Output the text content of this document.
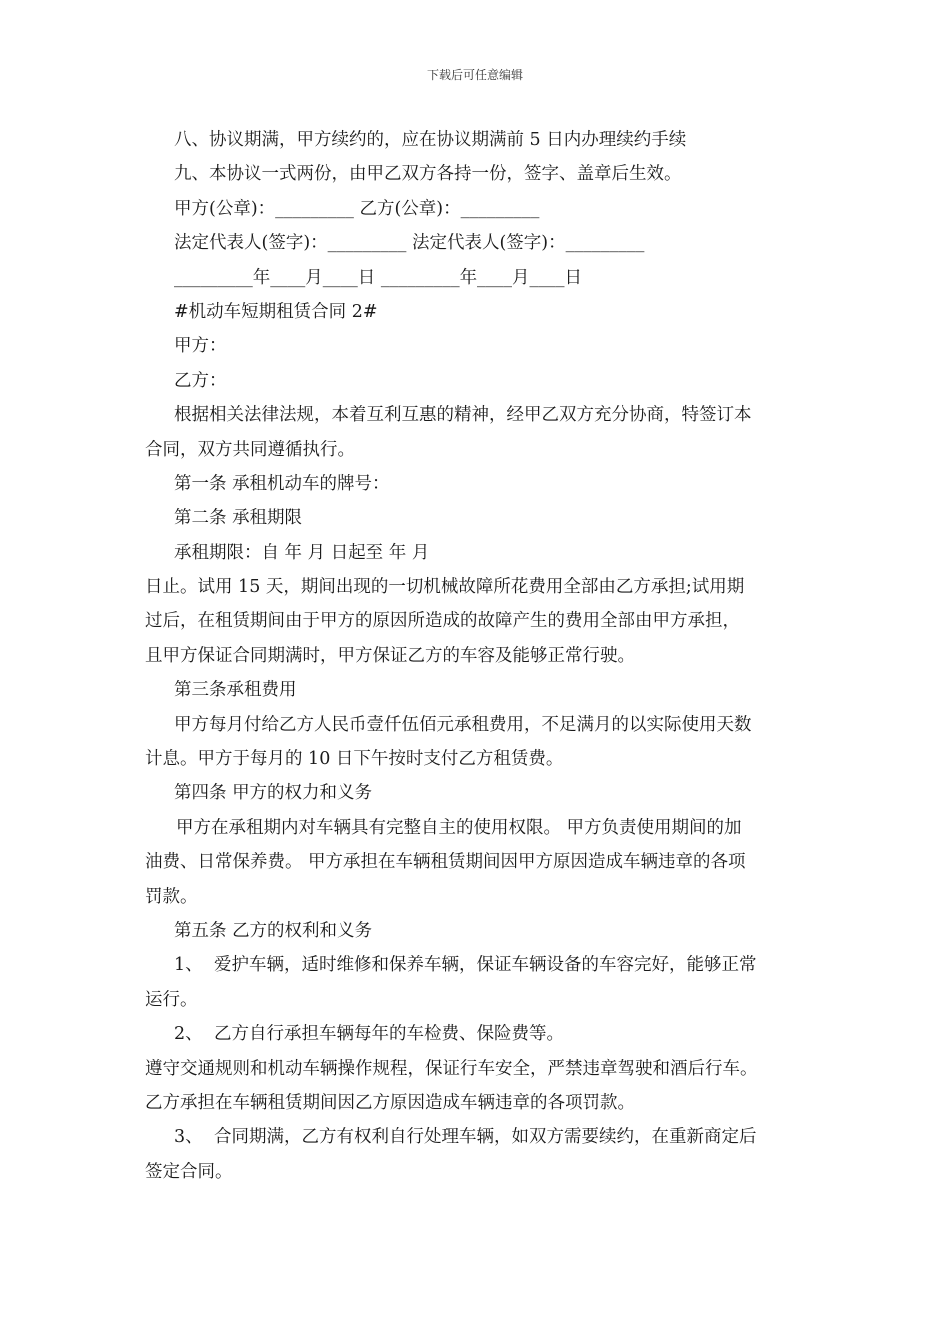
下载后可任意编辑
八、协议期满，甲方续约的，应在协议期满前 5 日内办理续约手续
九、本协议一式两份，由甲乙双方各持一份，签字、盖章后生效。
甲方(公章)：_________ 乙方(公章)：_________
法定代表人(签字)：_________ 法定代表人(签字)：_________
_________年____月____日 _________年____月____日
#机动车短期租赁合同 2#
甲方：
乙方：
根据相关法律法规，本着互利互惠的精神，经甲乙双方充分协商，特签订本
合同，双方共同遵循执行。
第一条 承租机动车的牌号：
第二条 承租期限
承租期限：自 年 月 日起至 年 月
日止。试用 15 天，期间出现的一切机械故障所花费用全部由乙方承担;试用期
过后，在租赁期间由于甲方的原因所造成的故障产生的费用全部由甲方承担，
且甲方保证合同期满时，甲方保证乙方的车容及能够正常行驶。
第三条承租费用
甲方每月付给乙方人民币壹仟伍佰元承租费用，不足满月的以实际使用天数
计息。甲方于每月的 10 日下午按时支付乙方租赁费。
第四条 甲方的权力和义务
甲方在承租期内对车辆具有完整自主的使用权限。 甲方负责使用期间的加
油费、日常保养费。 甲方承担在车辆租赁期间因甲方原因造成车辆违章的各项
罚款。
第五条 乙方的权利和义务
1、 爱护车辆，适时维修和保养车辆，保证车辆设备的车容完好，能够正常
运行。
2、 乙方自行承担车辆每年的车检费、保险费等。
遵守交通规则和机动车辆操作规程，保证行车安全，严禁违章驾驶和酒后行车。
乙方承担在车辆租赁期间因乙方原因造成车辆违章的各项罚款。
3、 合同期满，乙方有权利自行处理车辆，如双方需要续约，在重新商定后
签定合同。
